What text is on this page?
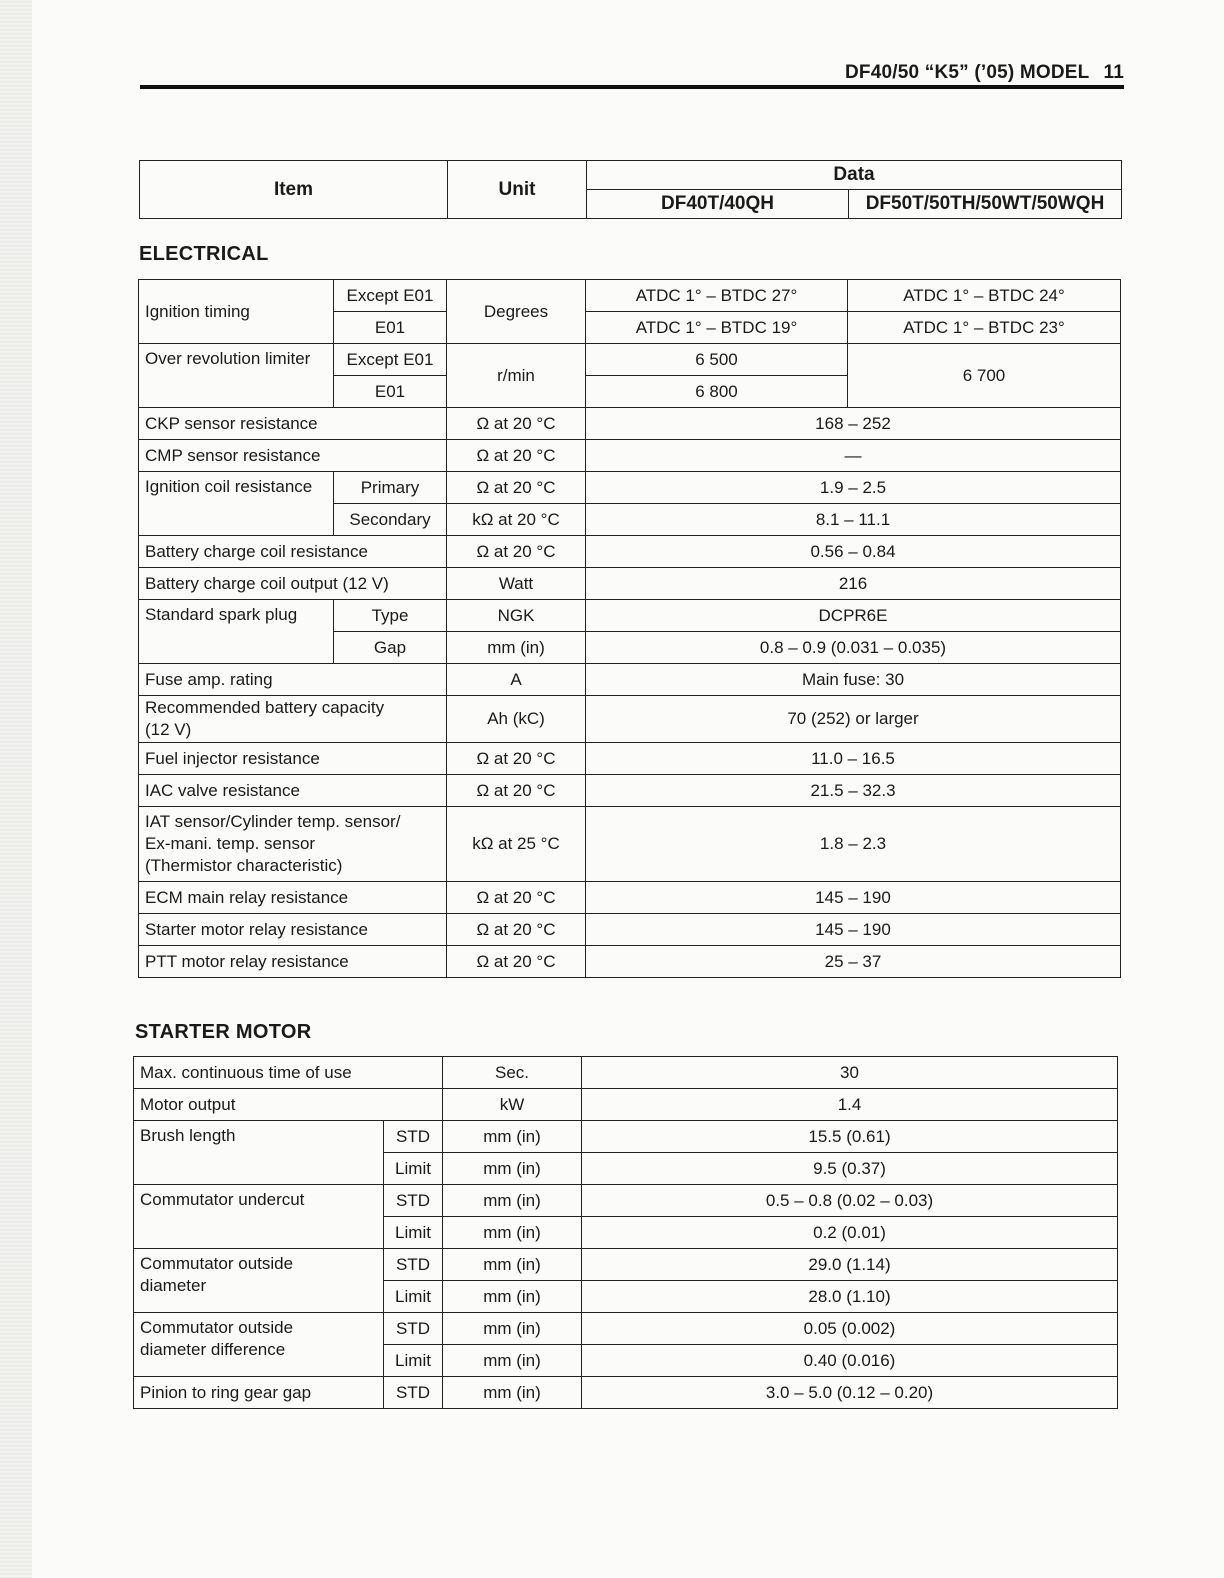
DF40/50 “K5” (’05) MODEL 11
Item	Unit	Data	
		DF40T/40QH	DF50T/50TH/50WT/50WQH
ELECTRICAL
Ignition timing	Except E01	Degrees	ATDC 1° – BTDC 27°	ATDC 1° – BTDC 24°
	E01		ATDC 1° – BTDC 19°	ATDC 1° – BTDC 23°
Over revolution limiter	Except E01	r/min	6 500	6 700
	E01		6 800	
CKP sensor resistance		Ω at 20 °C	168 – 252	
CMP sensor resistance		Ω at 20 °C	—	
Ignition coil resistance	Primary	Ω at 20 °C	1.9 – 2.5	
	Secondary	kΩ at 20 °C	8.1 – 11.1	
Battery charge coil resistance		Ω at 20 °C	0.56 – 0.84	
Battery charge coil output (12 V)		Watt	216	
Standard spark plug	Type	NGK	DCPR6E	
	Gap	mm (in)	0.8 – 0.9 (0.031 – 0.035)	
Fuse amp. rating		A	Main fuse: 30	
Recommended battery capacity
(12 V)		Ah (kC)	70 (252) or larger	
Fuel injector resistance		Ω at 20 °C	11.0 – 16.5	
IAC valve resistance		Ω at 20 °C	21.5 – 32.3	
IAT sensor/Cylinder temp. sensor/
Ex-mani. temp. sensor
(Thermistor characteristic)		kΩ at 25 °C	1.8 – 2.3	
ECM main relay resistance		Ω at 20 °C	145 – 190	
Starter motor relay resistance		Ω at 20 °C	145 – 190	
PTT motor relay resistance		Ω at 20 °C	25 – 37	
STARTER MOTOR
Max. continuous time of use		Sec.	30
Motor output		kW	1.4
Brush length	STD	mm (in)	15.5 (0.61)
	Limit	mm (in)	9.5 (0.37)
Commutator undercut	STD	mm (in)	0.5 – 0.8 (0.02 – 0.03)
	Limit	mm (in)	0.2 (0.01)
Commutator outside
diameter	STD	mm (in)	29.0 (1.14)
	Limit	mm (in)	28.0 (1.10)
Commutator outside
diameter difference	STD	mm (in)	0.05 (0.002)
	Limit	mm (in)	0.40 (0.016)
Pinion to ring gear gap	STD	mm (in)	3.0 – 5.0 (0.12 – 0.20)
